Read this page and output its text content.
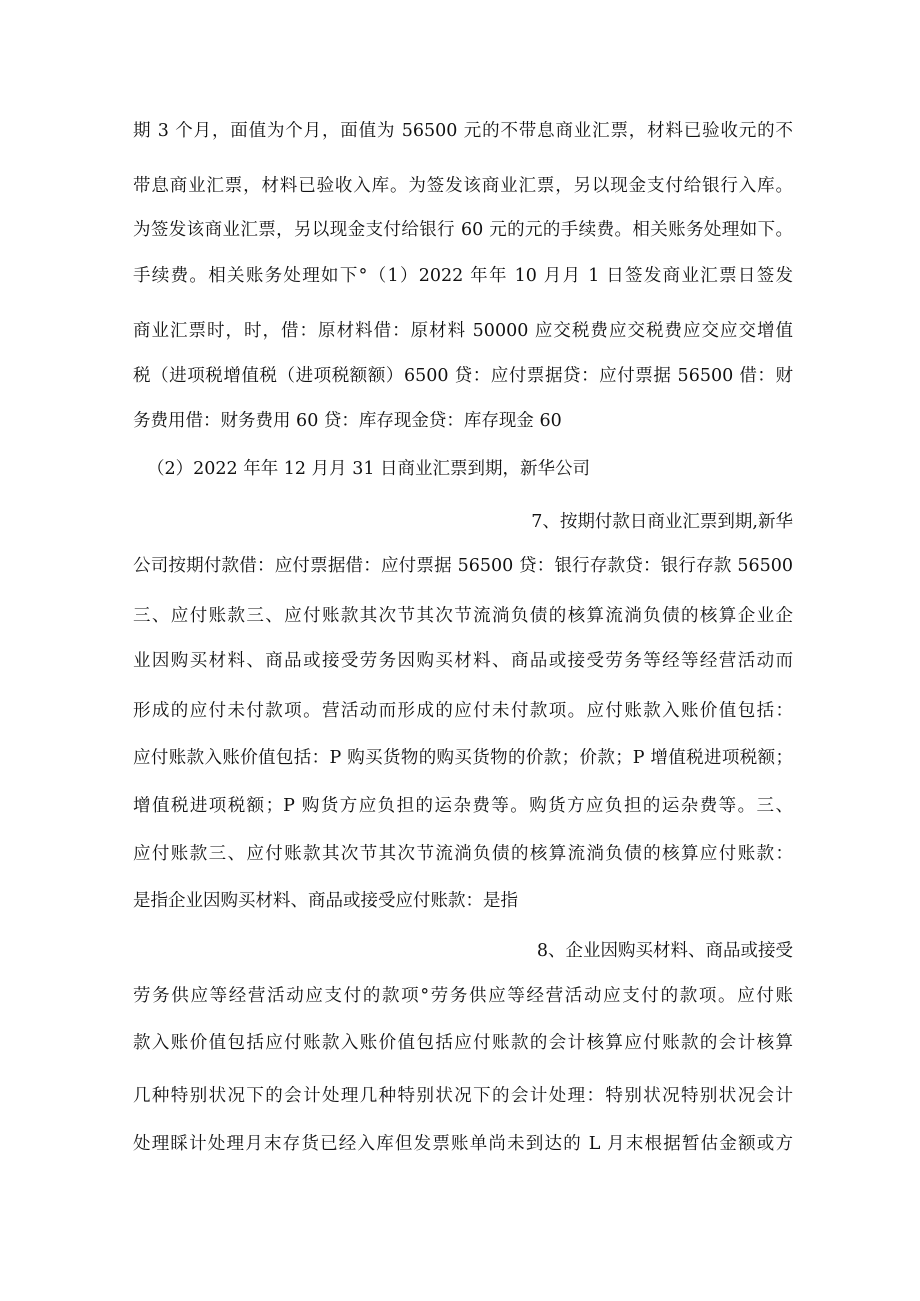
期 3 个月，面值为个月，面值为 56500 元的不带息商业汇票，材料已验收元的不
带息商业汇票，材料已验收入库。为签发该商业汇票，另以现金支付给银行入库。
为签发该商业汇票，另以现金支付给银行 60 元的元的手续费。相关账务处理如下。
手续费。相关账务处理如下°（1）2022 年年 10 月月 1 日签发商业汇票日签发
商业汇票时，时，借：原材料借：原材料 50000 应交税费应交税费应交应交增值
税（进项税增值税（进项税额额）6500 贷：应付票据贷：应付票据 56500 借：财
务费用借：财务费用 60 贷：库存现金贷：库存现金 60
（2）2022 年年 12 月月 31 日商业汇票到期，新华公司
7、按期付款日商业汇票到期,新华
公司按期付款借：应付票据借：应付票据 56500 贷：银行存款贷：银行存款 56500
三、应付账款三、应付账款其次节其次节流淌负债的核算流淌负债的核算企业企
业因购买材料、商品或接受劳务因购买材料、商品或接受劳务等经等经营活动而
形成的应付未付款项。营活动而形成的应付未付款项。应付账款入账价值包括：
应付账款入账价值包括：P 购买货物的购买货物的价款；价款；P 增值税进项税额；
增值税进项税额；P 购货方应负担的运杂费等。购货方应负担的运杂费等。三、
应付账款三、应付账款其次节其次节流淌负债的核算流淌负债的核算应付账款：
是指企业因购买材料、商品或接受应付账款：是指
8、企业因购买材料、商品或接受
劳务供应等经营活动应支付的款项°劳务供应等经营活动应支付的款项。应付账
款入账价值包括应付账款入账价值包括应付账款的会计核算应付账款的会计核算
几种特别状况下的会计处理几种特别状况下的会计处理：特别状况特别状况会计
处理睬计处理月末存货已经入库但发票账单尚未到达的 L 月末根据暂估金额或方
